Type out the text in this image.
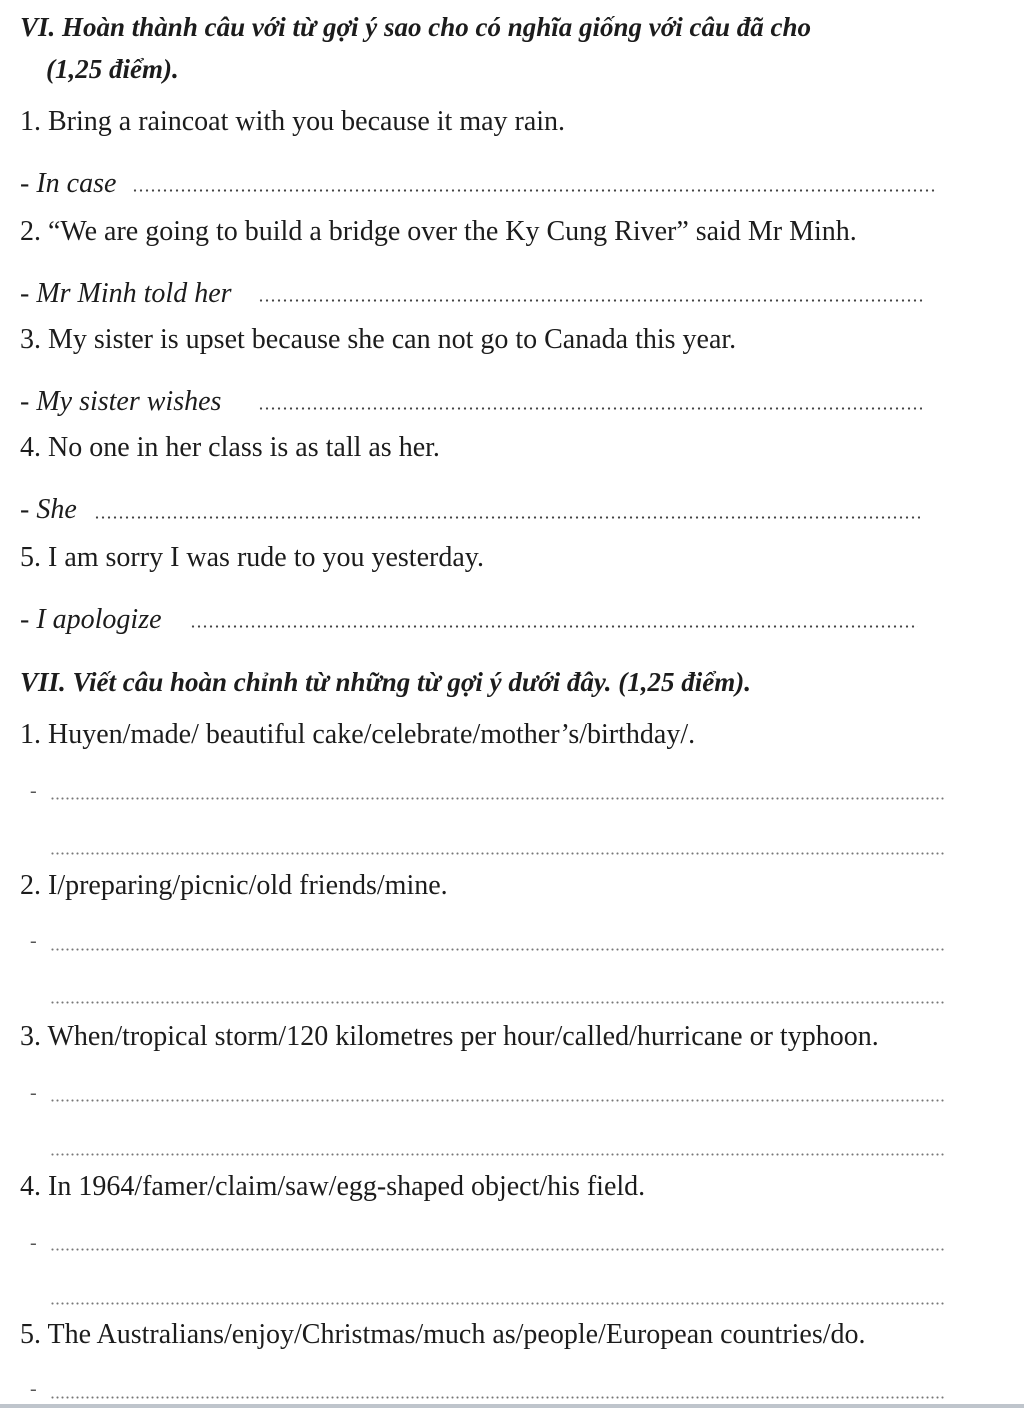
VI. Hoàn thành câu với từ gợi ý sao cho có nghĩa giống với câu đã cho
(1,25 điểm).
1. Bring a raincoat with you because it may rain.
- In case
2. “We are going to build a bridge over the Ky Cung River” said Mr Minh.
- Mr Minh told her
3. My sister is upset because she can not go to Canada this year.
- My sister wishes
4. No one in her class is as tall as her.
- She
5. I am sorry I was rude to you yesterday.
- I apologize
VII. Viết câu hoàn chỉnh từ những từ gợi ý dưới đây. (1,25 điểm).
1. Huyen/made/ beautiful cake/celebrate/mother’s/birthday/.
-
2. I/preparing/picnic/old friends/mine.
-
3. When/tropical storm/120 kilometres per hour/called/hurricane or typhoon.
-
4. In 1964/famer/claim/saw/egg-shaped object/his field.
-
5. The Australians/enjoy/Christmas/much as/people/European countries/do.
-
